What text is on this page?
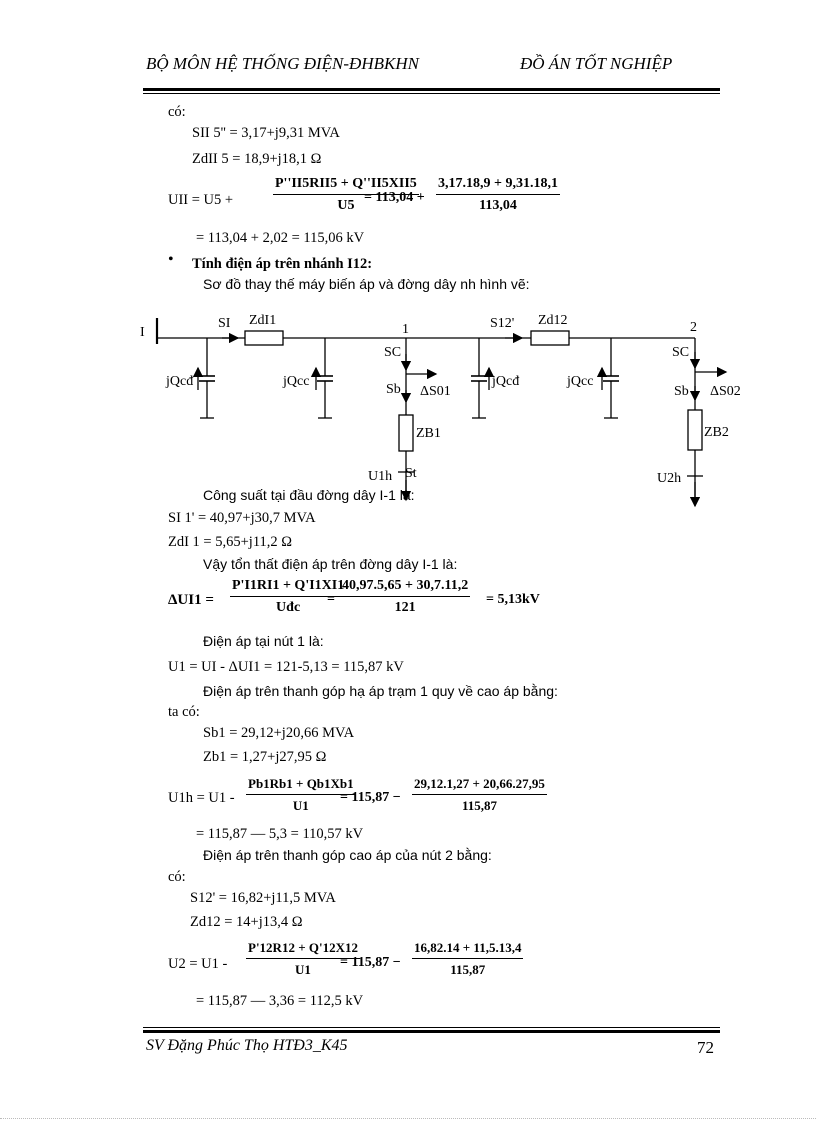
BỘ MÔN HỆ THỐNG ĐIỆN-ĐHBKHN	ĐỒ ÁN TỐT NGHIỆP
có:
SII 5'' = 3,17+j9,31 MVA
ZdII 5 = 18,9+j18,1 Ω
UII = U5 +
P''II5RII5 + Q''II5XII5
U5
= $113,04 + \frac{3,17.18,9 + 9,31.18,1}{113,04}$
= 113,04 + 2,02 = 115,06 kV
• Tính điện áp trên nhánh I12:
Sơ đồ thay thế máy biến áp và đờng dây nh hình vẽ:
I
SI ZdI1
jQcđ	jQcc
1
SC
Sb ΔS01
ZB1
U1h St
S12' Zd12
jQcđ	jQcc
2
SC
Sb ΔS02
ZB2
U2h
Công suất tại đầu đờng dây I-1 là:
SI 1' = 40,97+j30,7 MVA
ZdI 1 = 5,65+j11,2 Ω
Vậy tổn thất điện áp trên đờng dây I-1 là:
ΔUI1 =
P'I1RI1 + Q'I1XI1
Uđc
= $\frac{40,97.5,65 + 30,7.11,2}{121} = 5,13kV$
Điện áp tại nút 1 là:
U1 = UI - ΔUI1 = 121-5,13 = 115,87 kV
Điện áp trên thanh góp hạ áp trạm 1 quy về cao áp bằng:
ta có:
Sb1 = 29,12+j20,66 MVA
Zb1 = 1,27+j27,95 Ω
$U1h = U1 - \frac{Pb1Rb1 + Qb1Xb1}{U1}$
= $115,87 - \frac{29,12.1,27 + 20,66.27,95}{115,87}$
= 115,87 — 5,3 = 110,57 kV
Điện áp trên thanh góp cao áp của nút 2 bằng:
có:
S12' = 16,82+j11,5 MVA
Zd12 = 14+j13,4 Ω
$U2 = U1 - \frac{P'12R12 + Q'12X12}{U1}$
= $115,87 - \frac{16,82.14 + 11,5.13,4}{115,87}$
= 115,87 — 3,36 = 112,5 kV
SV Đặng Phúc Thọ HTĐ3_K45	72
